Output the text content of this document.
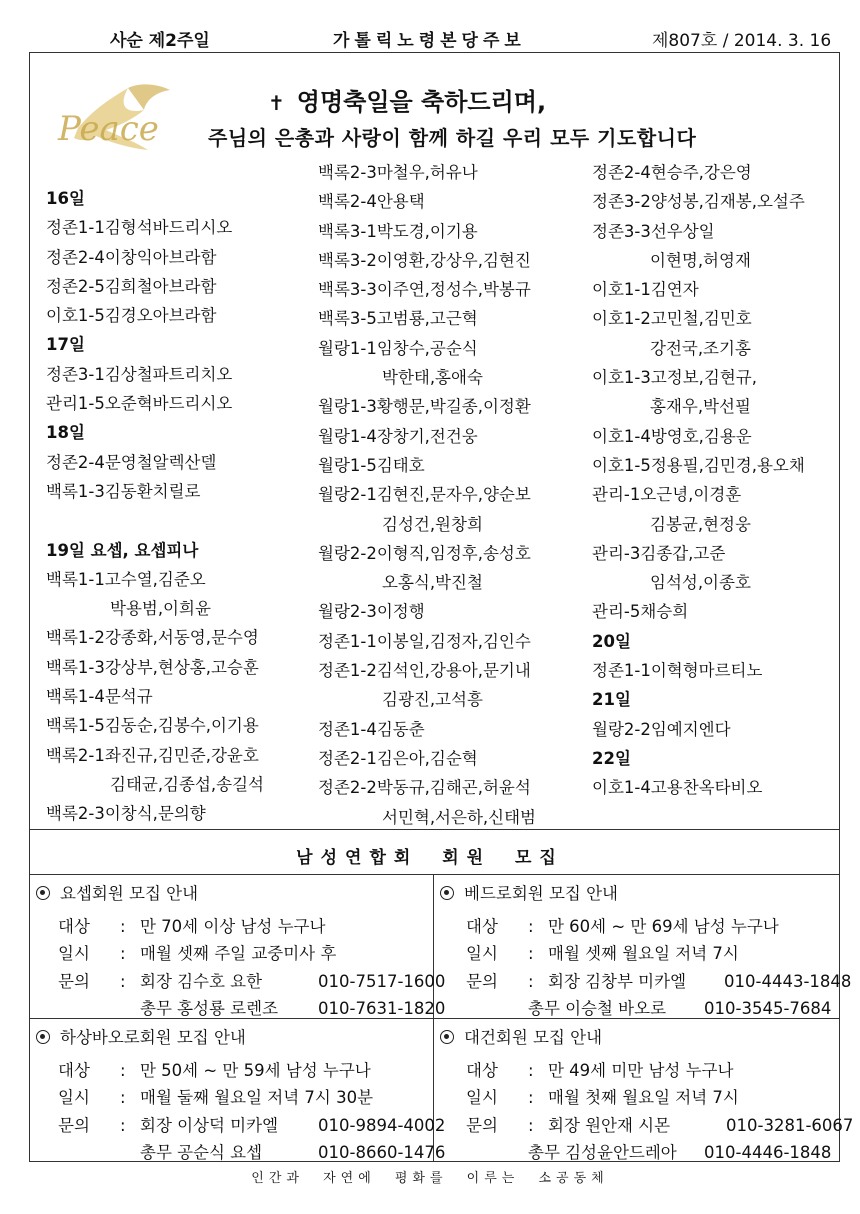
사순 제2주일	가톨릭노령본당주보	제807호 / 2014. 3. 16
Peace
✝ 영명축일을 축하드리며,
주님의 은총과 사랑이 함께 하길 우리 모두 기도합니다
16일
정존1-1김형석바드리시오
정존2-4이창익아브라함
정존2-5김희철아브라함
이호1-5김경오아브라함
17일
정존3-1김상철파트리치오
관리1-5오준혁바드리시오
18일
정존2-4문영철알렉산델
백록1-3김동환치릴로
19일 요셉, 요셉피나
백록1-1고수열,김준오
박용범,이희윤
백록1-2강종화,서동영,문수영
백록1-3강상부,현상홍,고승훈
백록1-4문석규
백록1-5김동순,김봉수,이기용
백록2-1좌진규,김민준,강윤호
김태균,김종섭,송길석
백록2-3이창식,문의향
백록2-3마철우,허유나
백록2-4안용택
백록3-1박도경,이기용
백록3-2이영환,강상우,김현진
백록3-3이주연,정성수,박봉규
백록3-5고범룡,고근혁
월랑1-1임창수,공순식
박한태,홍애숙
월랑1-3황행문,박길종,이정환
월랑1-4장창기,전건웅
월랑1-5김태호
월랑2-1김현진,문자우,양순보
김성건,원창희
월랑2-2이형직,임정후,송성호
오홍식,박진철
월랑2-3이정행
정존1-1이봉일,김정자,김인수
정존1-2김석인,강용아,문기내
김광진,고석흥
정존1-4김동춘
정존2-1김은아,김순혁
정존2-2박동규,김해곤,허윤석
서민혁,서은하,신태범
정존2-4현승주,강은영
정존3-2양성봉,김재봉,오설주
정존3-3선우상일
이현명,허영재
이호1-1김연자
이호1-2고민철,김민호
강전국,조기홍
이호1-3고정보,김현규,
홍재우,박선필
이호1-4방영호,김용운
이호1-5정용필,김민경,용오채
관리-1오근녕,이경훈
김봉균,현정웅
관리-3김종갑,고준
임석성,이종호
관리-5채승희
20일
정존1-1이혁형마르티노
21일
월랑2-2임예지엔다
22일
이호1-4고용찬옥타비오
남성연합회 회원 모집
요셉회원 모집 안내
대상	: 만 70세 이상 남성 누구나
일시	: 매월 셋째 주일 교중미사 후
문의	: 회장 김수호 요한	010-7517-1600
총무 홍성룡 로렌조	010-7631-1820
베드로회원 모집 안내
대상	: 만 60세 ~ 만 69세 남성 누구나
일시	: 매월 셋째 월요일 저녁 7시
문의	: 회장 김창부 미카엘	010-4443-1848
총무 이승철 바오로	010-3545-7684
하상바오로회원 모집 안내
대상	: 만 50세 ~ 만 59세 남성 누구나
일시	: 매월 둘째 월요일 저녁 7시 30분
문의	: 회장 이상덕 미카엘	010-9894-4002
총무 공순식 요셉	010-8660-1476
대건회원 모집 안내
대상	: 만 49세 미만 남성 누구나
일시	: 매월 첫째 월요일 저녁 7시
문의	: 회장 원안재 시몬	010-3281-6067
총무 김성윤안드레아	010-4446-1848
인간과 자연에 평화를 이루는 소공동체
